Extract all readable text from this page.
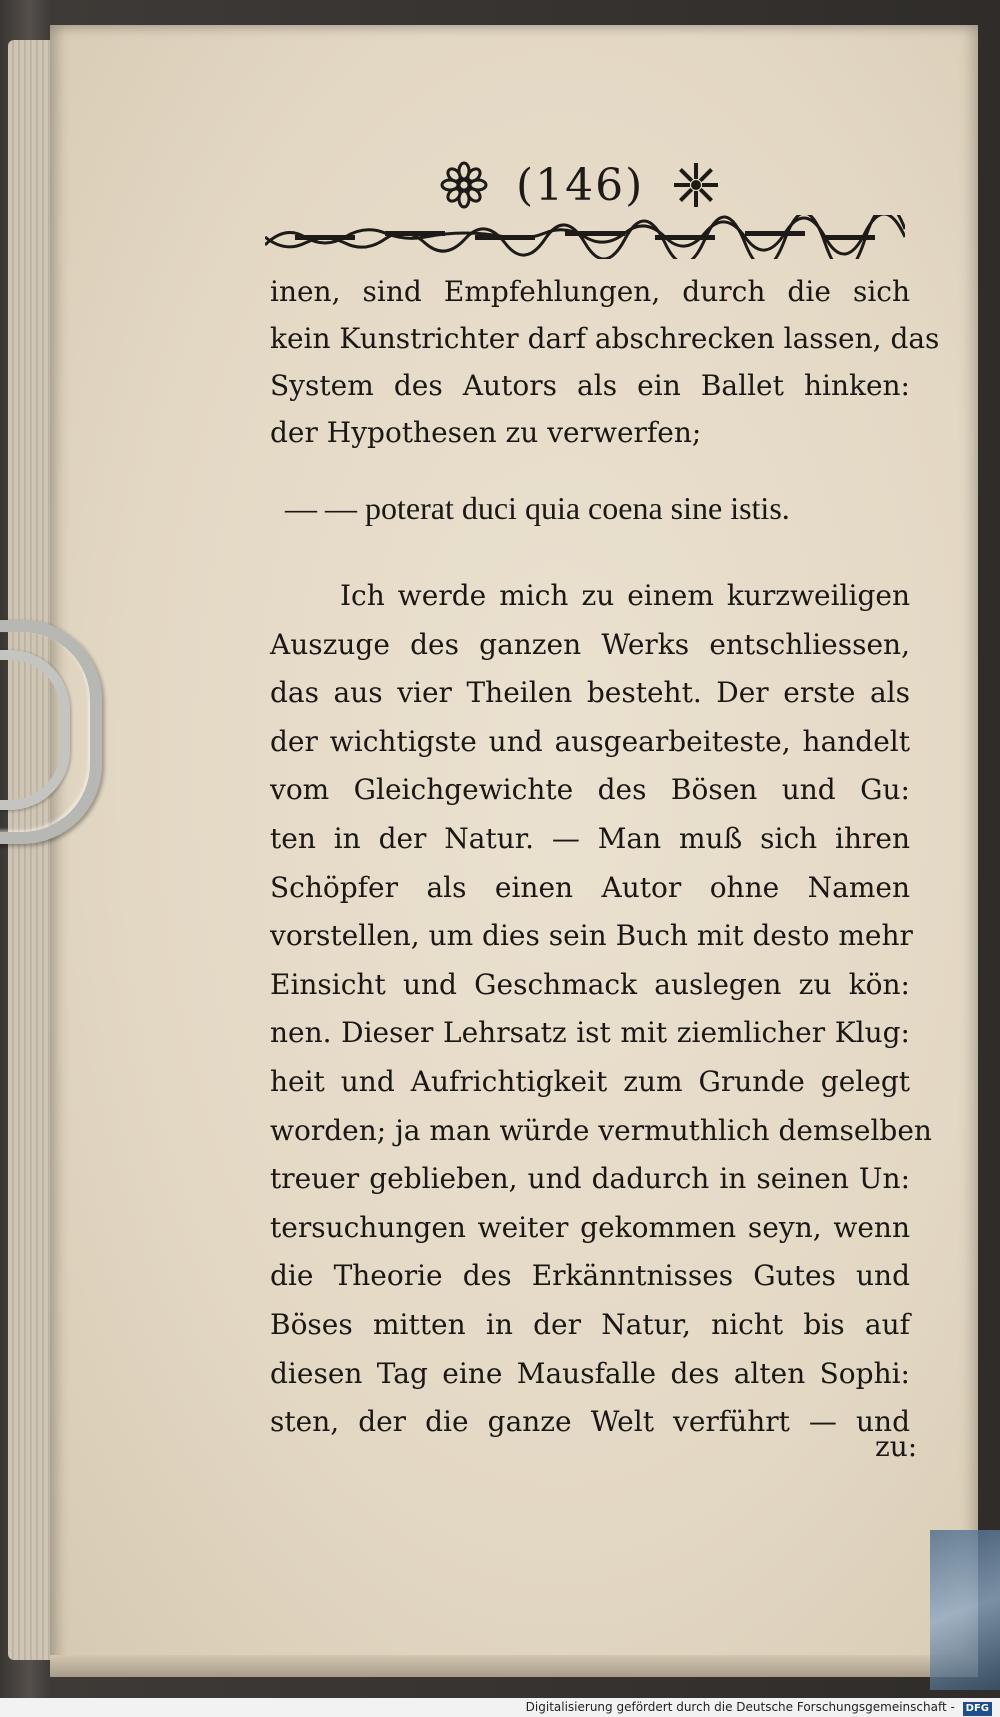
(146)
inen, sind Empfehlungen, durch die sich
kein Kunstrichter darf abschrecken lassen, das
System des Autors als ein Ballet hinken:
der Hypothesen zu verwerfen;
— — poterat duci quia coena sine istis.
Ich werde mich zu einem kurzweiligen
Auszuge des ganzen Werks entschliessen,
das aus vier Theilen besteht. Der erste als
der wichtigste und ausgearbeiteste, handelt
vom Gleichgewichte des Bösen und Gu:
ten in der Natur. — Man muß sich ihren
Schöpfer als einen Autor ohne Namen
vorstellen, um dies sein Buch mit desto mehr
Einsicht und Geschmack auslegen zu kön:
nen. Dieser Lehrsatz ist mit ziemlicher Klug:
heit und Aufrichtigkeit zum Grunde gelegt
worden; ja man würde vermuthlich demselben
treuer geblieben, und dadurch in seinen Un:
tersuchungen weiter gekommen seyn, wenn
die Theorie des Erkänntnisses Gutes und
Böses mitten in der Natur, nicht bis auf
diesen Tag eine Mausfalle des alten Sophi:
sten, der die ganze Welt verführt — und
zu:
Digitalisierung gefördert durch die Deutsche Forschungsgemeinschaft - DFG
